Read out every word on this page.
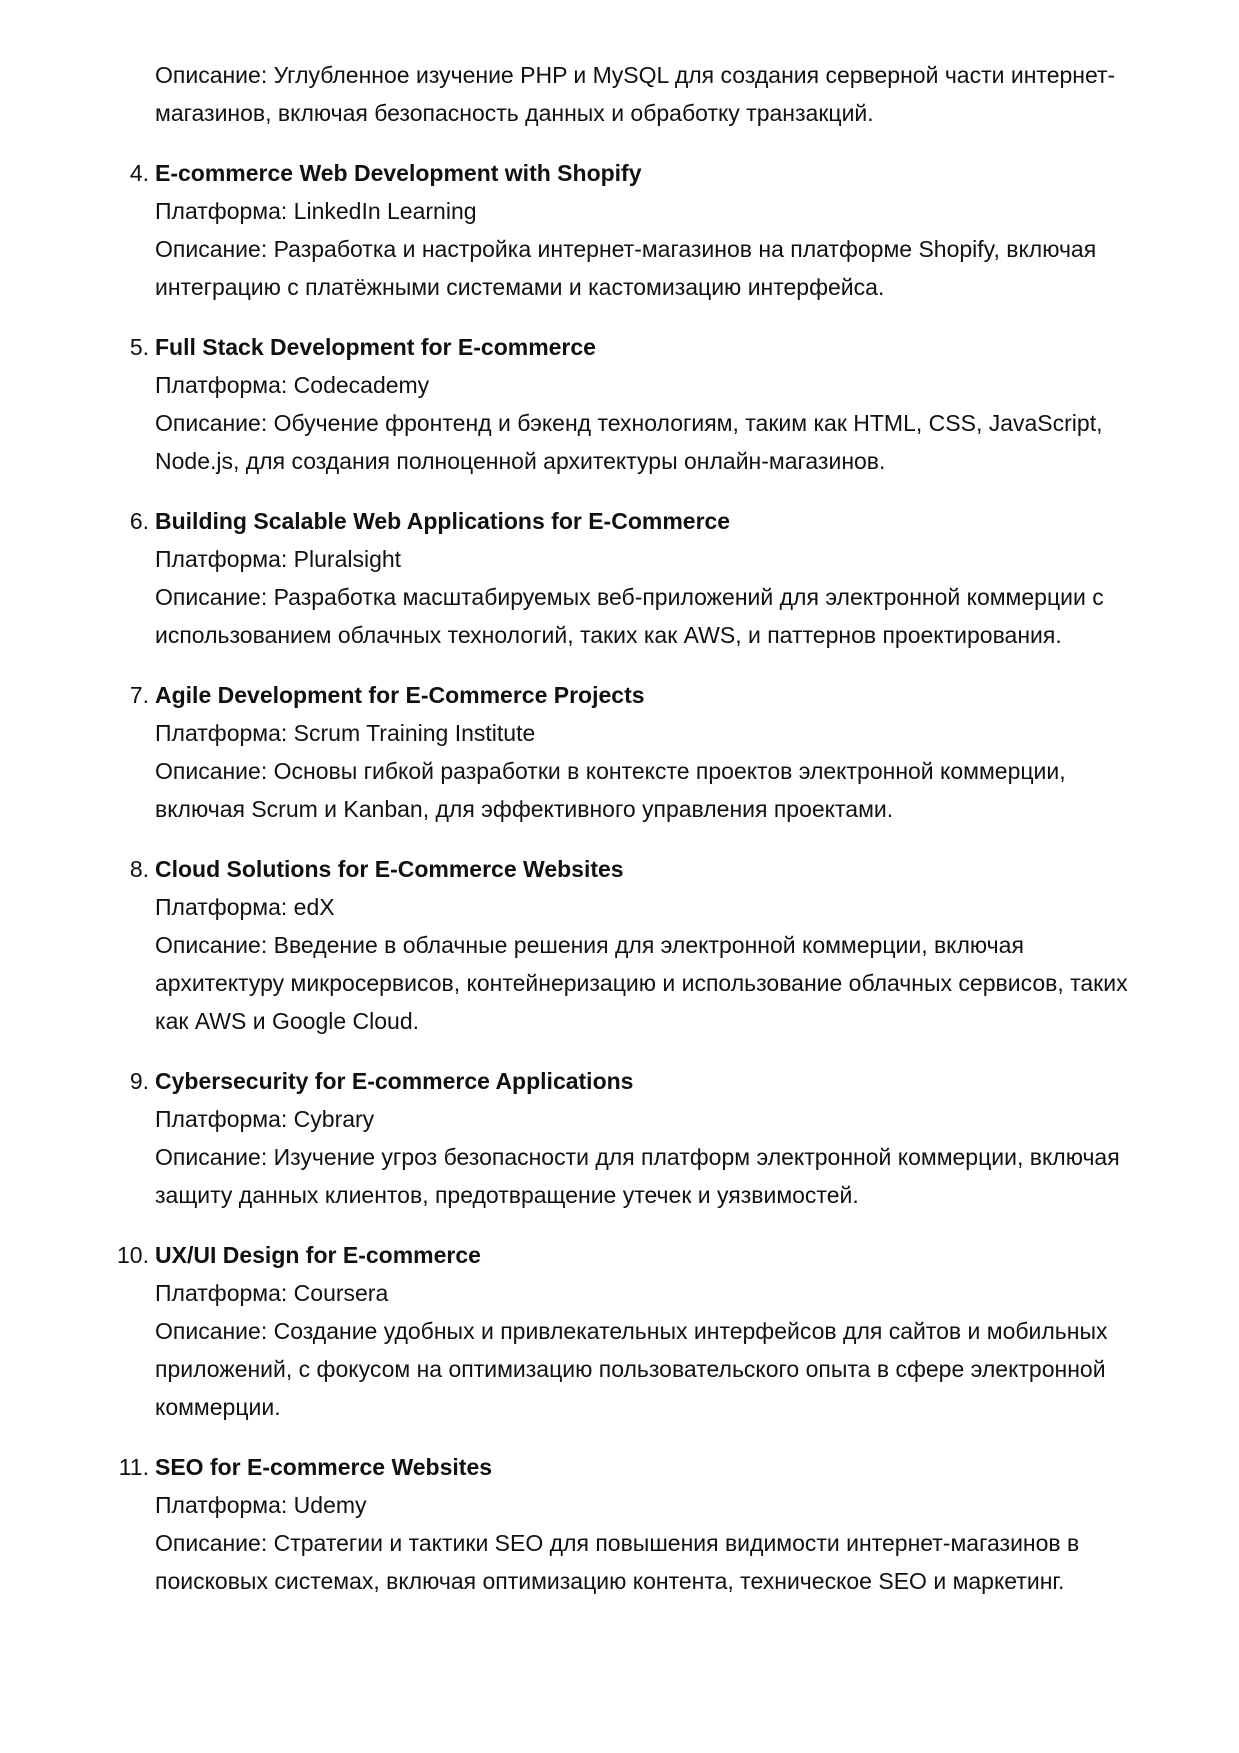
Описание: Углубленное изучение PHP и MySQL для создания серверной части интернет-магазинов, включая безопасность данных и обработку транзакций.
4. E-commerce Web Development with Shopify
Платформа: LinkedIn Learning
Описание: Разработка и настройка интернет-магазинов на платформе Shopify, включая интеграцию с платёжными системами и кастомизацию интерфейса.
5. Full Stack Development for E-commerce
Платформа: Codecademy
Описание: Обучение фронтенд и бэкенд технологиям, таким как HTML, CSS, JavaScript, Node.js, для создания полноценной архитектуры онлайн-магазинов.
6. Building Scalable Web Applications for E-Commerce
Платформа: Pluralsight
Описание: Разработка масштабируемых веб-приложений для электронной коммерции с использованием облачных технологий, таких как AWS, и паттернов проектирования.
7. Agile Development for E-Commerce Projects
Платформа: Scrum Training Institute
Описание: Основы гибкой разработки в контексте проектов электронной коммерции, включая Scrum и Kanban, для эффективного управления проектами.
8. Cloud Solutions for E-Commerce Websites
Платформа: edX
Описание: Введение в облачные решения для электронной коммерции, включая архитектуру микросервисов, контейнеризацию и использование облачных сервисов, таких как AWS и Google Cloud.
9. Cybersecurity for E-commerce Applications
Платформа: Cybrary
Описание: Изучение угроз безопасности для платформ электронной коммерции, включая защиту данных клиентов, предотвращение утечек и уязвимостей.
10. UX/UI Design for E-commerce
Платформа: Coursera
Описание: Создание удобных и привлекательных интерфейсов для сайтов и мобильных приложений, с фокусом на оптимизацию пользовательского опыта в сфере электронной коммерции.
11. SEO for E-commerce Websites
Платформа: Udemy
Описание: Стратегии и тактики SEO для повышения видимости интернет-магазинов в поисковых системах, включая оптимизацию контента, техническое SEO и маркетинг.
